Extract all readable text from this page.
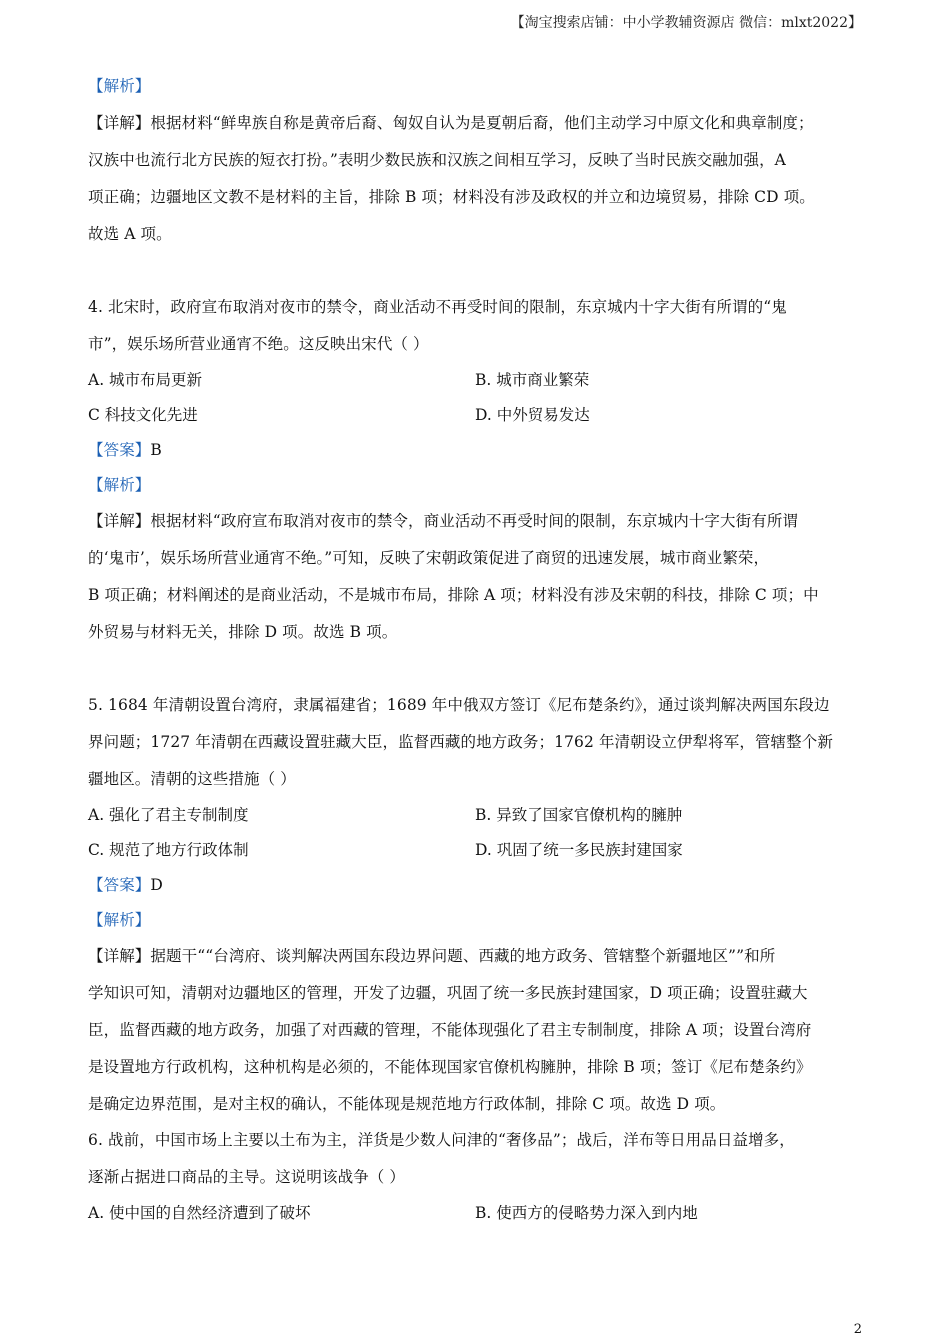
【淘宝搜索店铺：中小学教辅资源店 微信：mlxt2022】
【解析】
【详解】根据材料“鲜卑族自称是黄帝后裔、匈奴自认为是夏朝后裔，他们主动学习中原文化和典章制度；
汉族中也流行北方民族的短衣打扮。”表明少数民族和汉族之间相互学习，反映了当时民族交融加强，A
项正确；边疆地区文教不是材料的主旨，排除 B 项；材料没有涉及政权的并立和边境贸易，排除 CD 项。
故选 A 项。
4. 北宋时，政府宣布取消对夜市的禁令，商业活动不再受时间的限制，东京城内十字大街有所谓的“鬼
市”，娱乐场所营业通宵不绝。这反映出宋代（ ）
A. 城市布局更新	B. 城市商业繁荣
C 科技文化先进	D. 中外贸易发达
【答案】B
【解析】
【详解】根据材料“政府宣布取消对夜市的禁令，商业活动不再受时间的限制，东京城内十字大街有所谓
的‘鬼市’，娱乐场所营业通宵不绝。”可知，反映了宋朝政策促进了商贸的迅速发展，城市商业繁荣，
B 项正确；材料阐述的是商业活动，不是城市布局，排除 A 项；材料没有涉及宋朝的科技，排除 C 项；中
外贸易与材料无关，排除 D 项。故选 B 项。
5. 1684 年清朝设置台湾府，隶属福建省；1689 年中俄双方签订《尼布楚条约》，通过谈判解决两国东段边
界问题；1727 年清朝在西藏设置驻藏大臣，监督西藏的地方政务；1762 年清朝设立伊犁将军，管辖整个新
疆地区。清朝的这些措施（ ）
A. 强化了君主专制制度	B. 异致了国家官僚机构的臃肿
C. 规范了地方行政体制	D. 巩固了统一多民族封建国家
【答案】D
【解析】
【详解】据题干““台湾府、谈判解决两国东段边界问题、西藏的地方政务、管辖整个新疆地区””和所
学知识可知，清朝对边疆地区的管理，开发了边疆，巩固了统一多民族封建国家，D 项正确；设置驻藏大
臣，监督西藏的地方政务，加强了对西藏的管理，不能体现强化了君主专制制度，排除 A 项；设置台湾府
是设置地方行政机构，这种机构是必须的，不能体现国家官僚机构臃肿，排除 B 项；签订《尼布楚条约》
是确定边界范围，是对主权的确认，不能体现是规范地方行政体制，排除 C 项。故选 D 项。
6. 战前，中国市场上主要以土布为主，洋货是少数人问津的“奢侈品”；战后，洋布等日用品日益增多，
逐渐占据进口商品的主导。这说明该战争（ ）
A. 使中国的自然经济遭到了破坏	B. 使西方的侵略势力深入到内地
2
